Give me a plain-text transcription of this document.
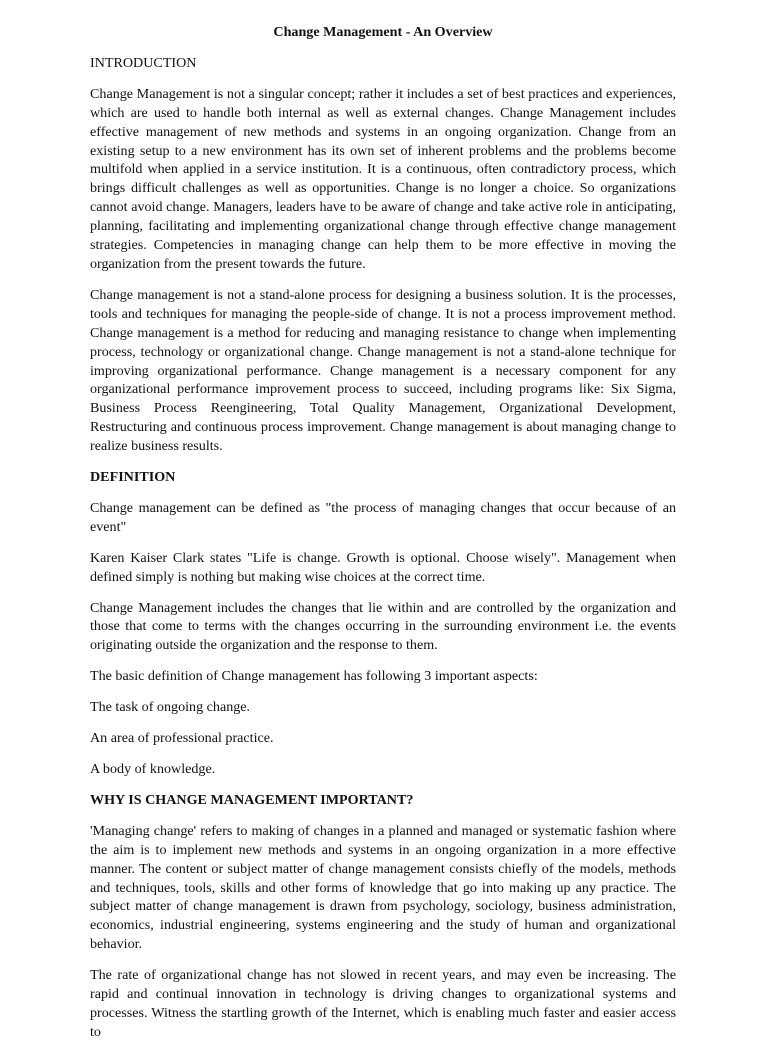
Change Management - An Overview

INTRODUCTION

Change Management is not a singular concept; rather it includes a set of best practices and experiences, which are used to handle both internal as well as external changes. Change Management includes effective management of new methods and systems in an ongoing organization. Change from an existing setup to a new environment has its own set of inherent problems and the problems become multifold when applied in a service institution. It is a continuous, often contradictory process, which brings difficult challenges as well as opportunities. Change is no longer a choice. So organizations cannot avoid change. Managers, leaders have to be aware of change and take active role in anticipating, planning, facilitating and implementing organizational change through effective change management strategies. Competencies in managing change can help them to be more effective in moving the organization from the present towards the future.

Change management is not a stand-alone process for designing a business solution. It is the processes, tools and techniques for managing the people-side of change. It is not a process improvement method. Change management is a method for reducing and managing resistance to change when implementing process, technology or organizational change. Change management is not a stand-alone technique for improving organizational performance. Change management is a necessary component for any organizational performance improvement process to succeed, including programs like: Six Sigma, Business Process Reengineering, Total Quality Management, Organizational Development, Restructuring and continuous process improvement. Change management is about managing change to realize business results.

DEFINITION

Change management can be defined as "the process of managing changes that occur because of an event"

Karen Kaiser Clark states "Life is change. Growth is optional. Choose wisely". Management when defined simply is nothing but making wise choices at the correct time.

Change Management includes the changes that lie within and are controlled by the organization and those that come to terms with the changes occurring in the surrounding environment i.e. the events originating outside the organization and the response to them.

The basic definition of Change management has following 3 important aspects:

The task of ongoing change.

An area of professional practice.

A body of knowledge.

WHY IS CHANGE MANAGEMENT IMPORTANT?

'Managing change' refers to making of changes in a planned and managed or systematic fashion where the aim is to implement new methods and systems in an ongoing organization in a more effective manner. The content or subject matter of change management consists chiefly of the models, methods and techniques, tools, skills and other forms of knowledge that go into making up any practice. The subject matter of change management is drawn from psychology, sociology, business administration, economics, industrial engineering, systems engineering and the study of human and organizational behavior.

The rate of organizational change has not slowed in recent years, and may even be increasing. The rapid and continual innovation in technology is driving changes to organizational systems and processes. Witness the startling growth of the Internet, which is enabling much faster and easier access to
